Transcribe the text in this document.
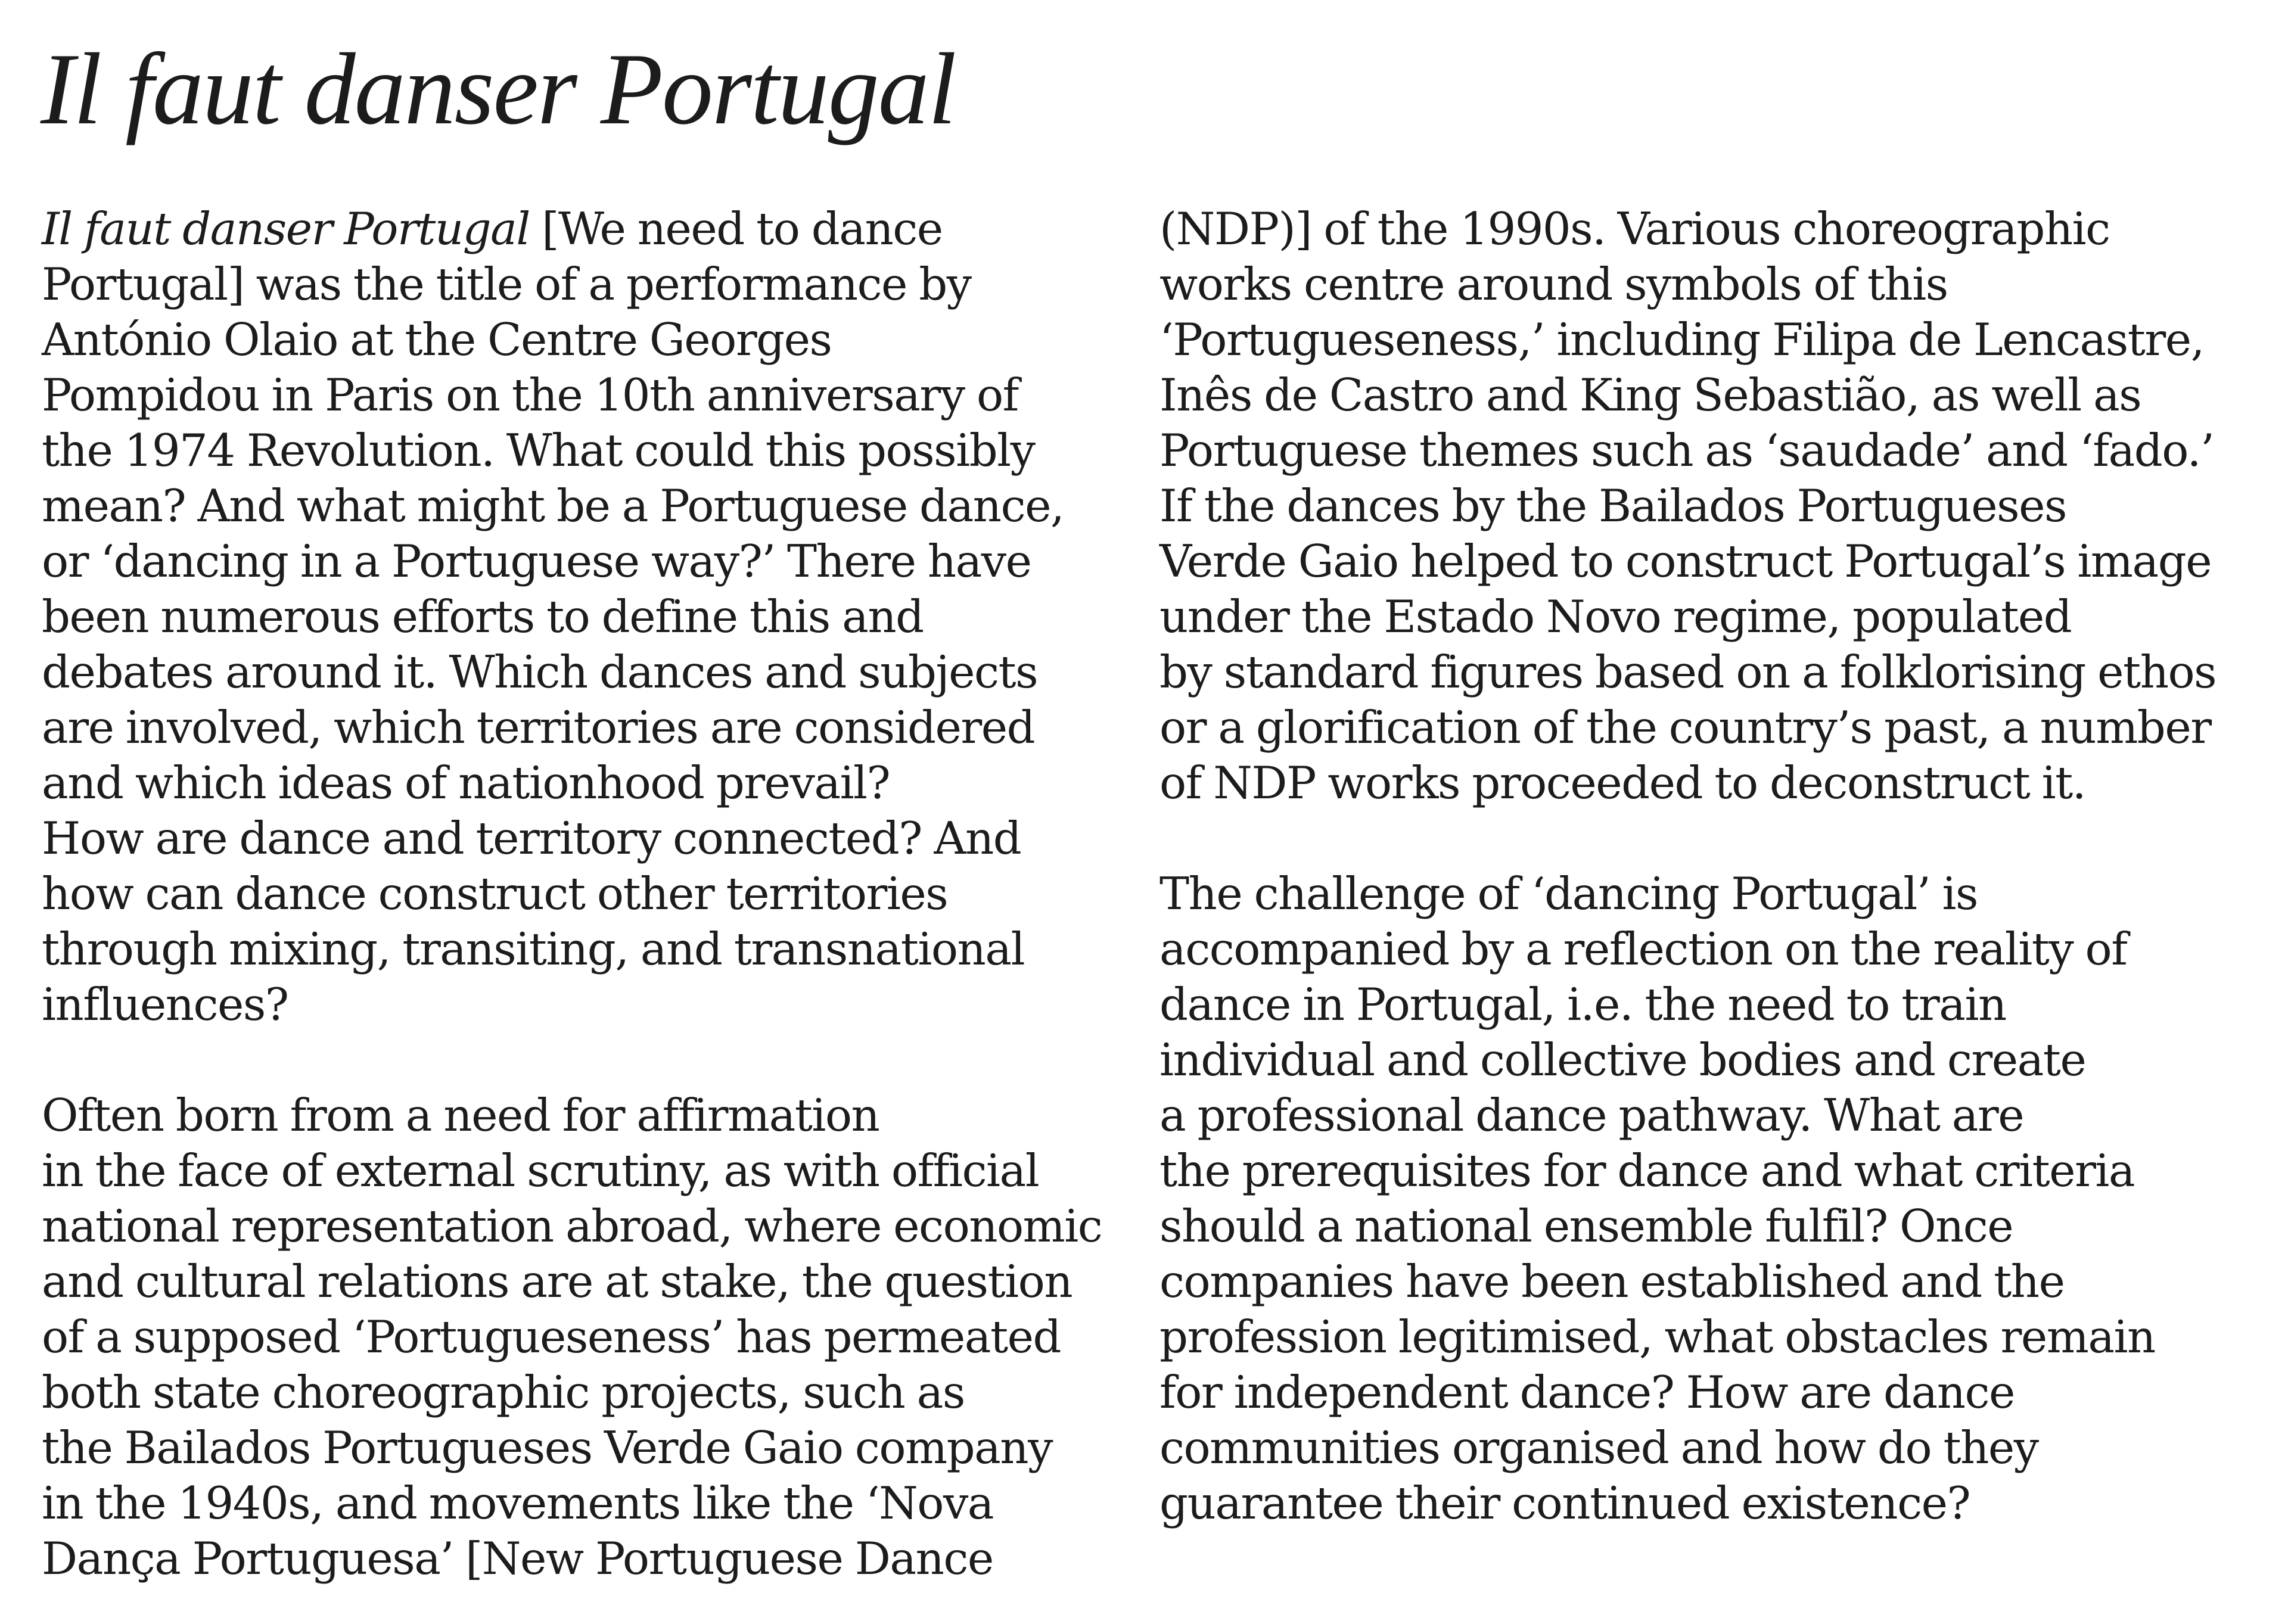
Il faut danser Portugal
Il faut danser Portugal [We need to dance
Portugal] was the title of a performance by
António Olaio at the Centre Georges
Pompidou in Paris on the 10th anniversary of
the 1974 Revolution. What could this possibly
mean? And what might be a Portuguese dance,
or ‘dancing in a Portuguese way?’ There have
been numerous efforts to define this and
debates around it. Which dances and subjects
are involved, which territories are considered
and which ideas of nationhood prevail?
How are dance and territory connected? And
how can dance construct other territories
through mixing, transiting, and transnational
influences?
Often born from a need for affirmation
in the face of external scrutiny, as with official
national representation abroad, where economic
and cultural relations are at stake, the question
of a supposed ‘Portugueseness’ has permeated
both state choreographic projects, such as
the Bailados Portugueses Verde Gaio company
in the 1940s, and movements like the ‘Nova
Dança Portuguesa’ [New Portuguese Dance
(NDP)] of the 1990s. Various choreographic
works centre around symbols of this
‘Portugueseness,’ including Filipa de Lencastre,
Inês de Castro and King Sebastião, as well as
Portuguese themes such as ‘saudade’ and ‘fado.’
If the dances by the Bailados Portugueses
Verde Gaio helped to construct Portugal’s image
under the Estado Novo regime, populated
by standard figures based on a folklorising ethos
or a glorification of the country’s past, a number
of NDP works proceeded to deconstruct it.
The challenge of ‘dancing Portugal’ is
accompanied by a reflection on the reality of
dance in Portugal, i.e. the need to train
individual and collective bodies and create
a professional dance pathway. What are
the prerequisites for dance and what criteria
should a national ensemble fulfil? Once
companies have been established and the
profession legitimised, what obstacles remain
for independent dance? How are dance
communities organised and how do they
guarantee their continued existence?
